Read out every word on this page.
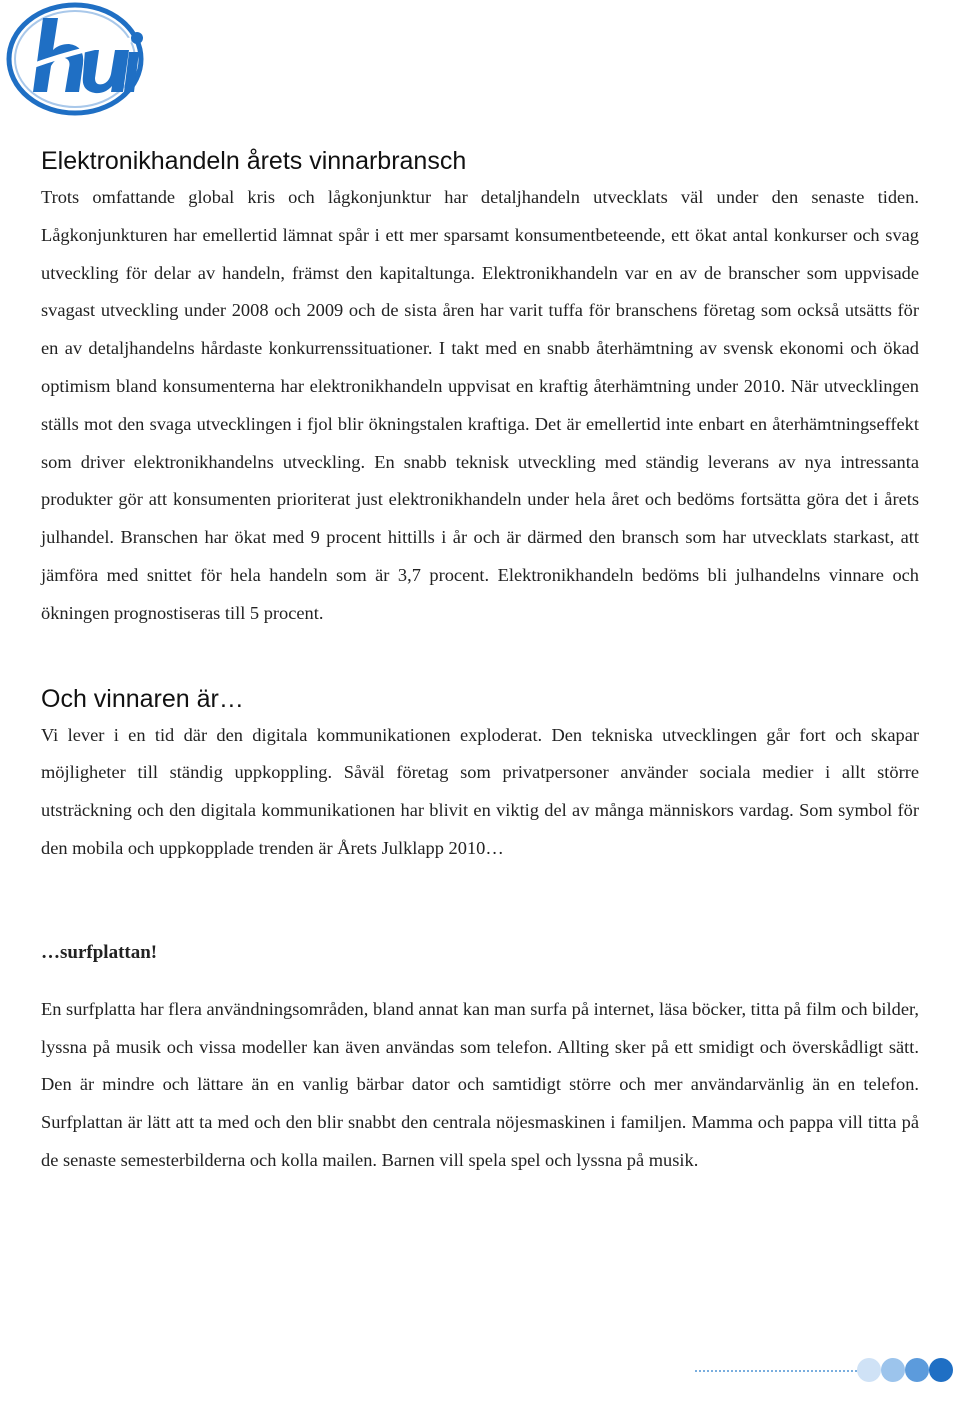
Elektronikhandeln årets vinnarbransch

Trots omfattande global kris och lågkonjunktur har detaljhandeln utvecklats väl under den senaste tiden. Lågkonjunkturen har emellertid lämnat spår i ett mer sparsamt konsumentbeteende, ett ökat antal konkurser och svag utveckling för delar av handeln, främst den kapitaltunga. Elektronikhandeln var en av de branscher som uppvisade svagast utveckling under 2008 och 2009 och de sista åren har varit tuffa för branschens företag som också utsätts för en av detaljhandelns hårdaste konkurrenssituationer. I takt med en snabb återhämtning av svensk ekonomi och ökad optimism bland konsumenterna har elektronikhandeln uppvisat en kraftig återhämtning under 2010. När utvecklingen ställs mot den svaga utvecklingen i fjol blir ökningstalen kraftiga. Det är emellertid inte enbart en återhämtningseffekt som driver elektronikhandelns utveckling. En snabb teknisk utveckling med ständig leverans av nya intressanta produkter gör att konsumenten prioriterat just elektronikhandeln under hela året och bedöms fortsätta göra det i årets julhandel. Branschen har ökat med 9 procent hittills i år och är därmed den bransch som har utvecklats starkast, att jämföra med snittet för hela handeln som är 3,7 procent. Elektronikhandeln bedöms bli julhandelns vinnare och ökningen prognostiseras till 5 procent.

Och vinnaren är…

Vi lever i en tid där den digitala kommunikationen exploderat. Den tekniska utvecklingen går fort och skapar möjligheter till ständig uppkoppling. Såväl företag som privatpersoner använder sociala medier i allt större utsträckning och den digitala kommunikationen har blivit en viktig del av många människors vardag. Som symbol för den mobila och uppkopplade trenden är Årets Julklapp 2010…

…surfplattan!

En surfplatta har flera användningsområden, bland annat kan man surfa på internet, läsa böcker, titta på film och bilder, lyssna på musik och vissa modeller kan även användas som telefon. Allting sker på ett smidigt och överskådligt sätt. Den är mindre och lättare än en vanlig bärbar dator och samtidigt större och mer användarvänlig än en telefon. Surfplattan är lätt att ta med och den blir snabbt den centrala nöjesmaskinen i familjen. Mamma och pappa vill titta på de senaste semesterbilderna och kolla mailen. Barnen vill spela spel och lyssna på musik.
